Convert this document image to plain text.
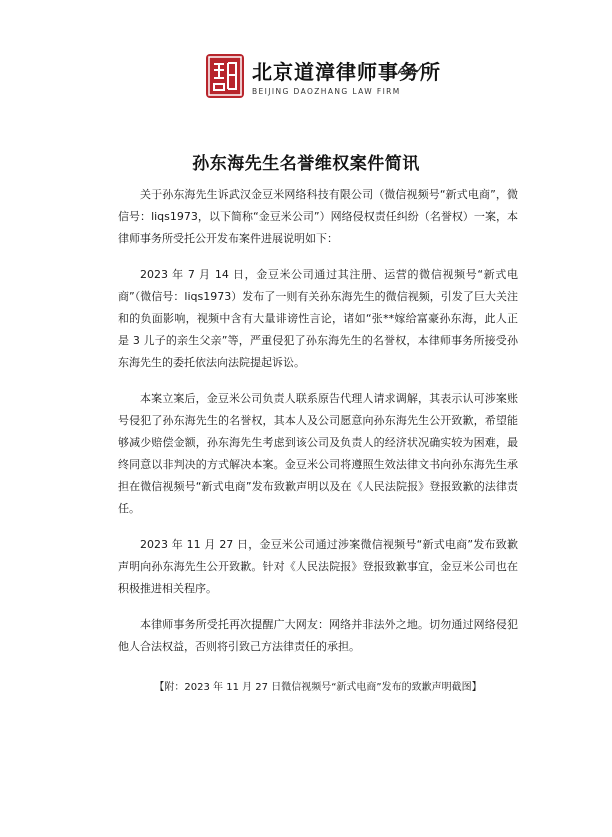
北京道漳律师事务所
BEIJING DAOZHANG LAW FIRM
孙东海先生名誉维权案件简讯

关于孙东海先生诉武汉金豆米网络科技有限公司（微信视频号“新式电商”，微信号：liqs1973，以下简称“金豆米公司”）网络侵权责任纠纷（名誉权）一案，本律师事务所受托公开发布案件进展说明如下：

2023 年 7 月 14 日，金豆米公司通过其注册、运营的微信视频号“新式电商”（微信号：liqs1973）发布了一则有关孙东海先生的微信视频，引发了巨大关注和的负面影响，视频中含有大量诽谤性言论，诸如“张**嫁给富豪孙东海，此人正是 3 儿子的亲生父亲”等，严重侵犯了孙东海先生的名誉权，本律师事务所接受孙东海先生的委托依法向法院提起诉讼。

本案立案后，金豆米公司负责人联系原告代理人请求调解，其表示认可涉案账号侵犯了孙东海先生的名誉权，其本人及公司愿意向孙东海先生公开致歉，希望能够减少赔偿金额，孙东海先生考虑到该公司及负责人的经济状况确实较为困难，最终同意以非判决的方式解决本案。金豆米公司将遵照生效法律文书向孙东海先生承担在微信视频号“新式电商”发布致歉声明以及在《人民法院报》登报致歉的法律责任。

2023 年 11 月 27 日，金豆米公司通过涉案微信视频号“新式电商”发布致歉声明向孙东海先生公开致歉。针对《人民法院报》登报致歉事宜，金豆米公司也在积极推进相关程序。

本律师事务所受托再次提醒广大网友：网络并非法外之地。切勿通过网络侵犯他人合法权益，否则将引致己方法律责任的承担。

【附：2023 年 11 月 27 日微信视频号“新式电商”发布的致歉声明截图】
